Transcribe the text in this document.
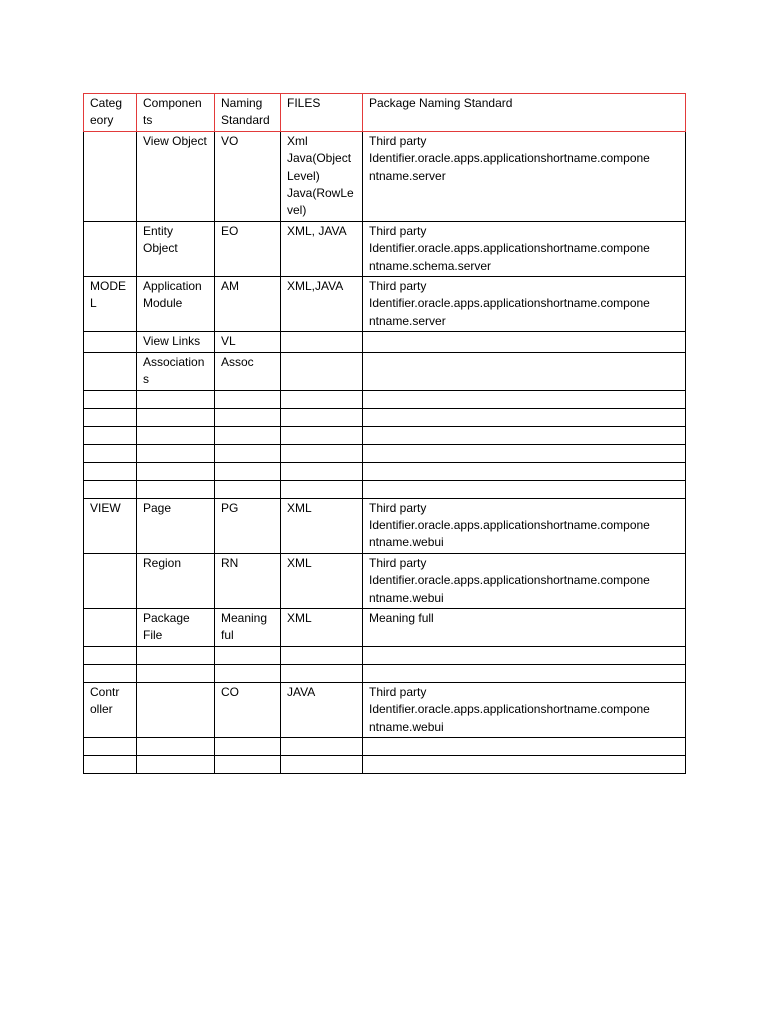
Categ eory	Componen ts	Naming Standard	FILES	Package Naming Standard
	View Object	VO	Xml Java(Object Level) Java(RowLe vel)	Third party Identifier.oracle.apps.applicationshortname.compone ntname.server
	Entity Object	EO	XML, JAVA	Third party Identifier.oracle.apps.applicationshortname.compone ntname.schema.server
MODE L	Application Module	AM	XML,JAVA	Third party Identifier.oracle.apps.applicationshortname.compone ntname.server
	View Links	VL		
	Association s	Assoc		

VIEW	Page	PG	XML	Third party Identifier.oracle.apps.applicationshortname.compone ntname.webui
	Region	RN	XML	Third party Identifier.oracle.apps.applicationshortname.compone ntname.webui
	Package File	Meaning ful	XML	Meaning full

Contr oller		CO	JAVA	Third party Identifier.oracle.apps.applicationshortname.compone ntname.webui
